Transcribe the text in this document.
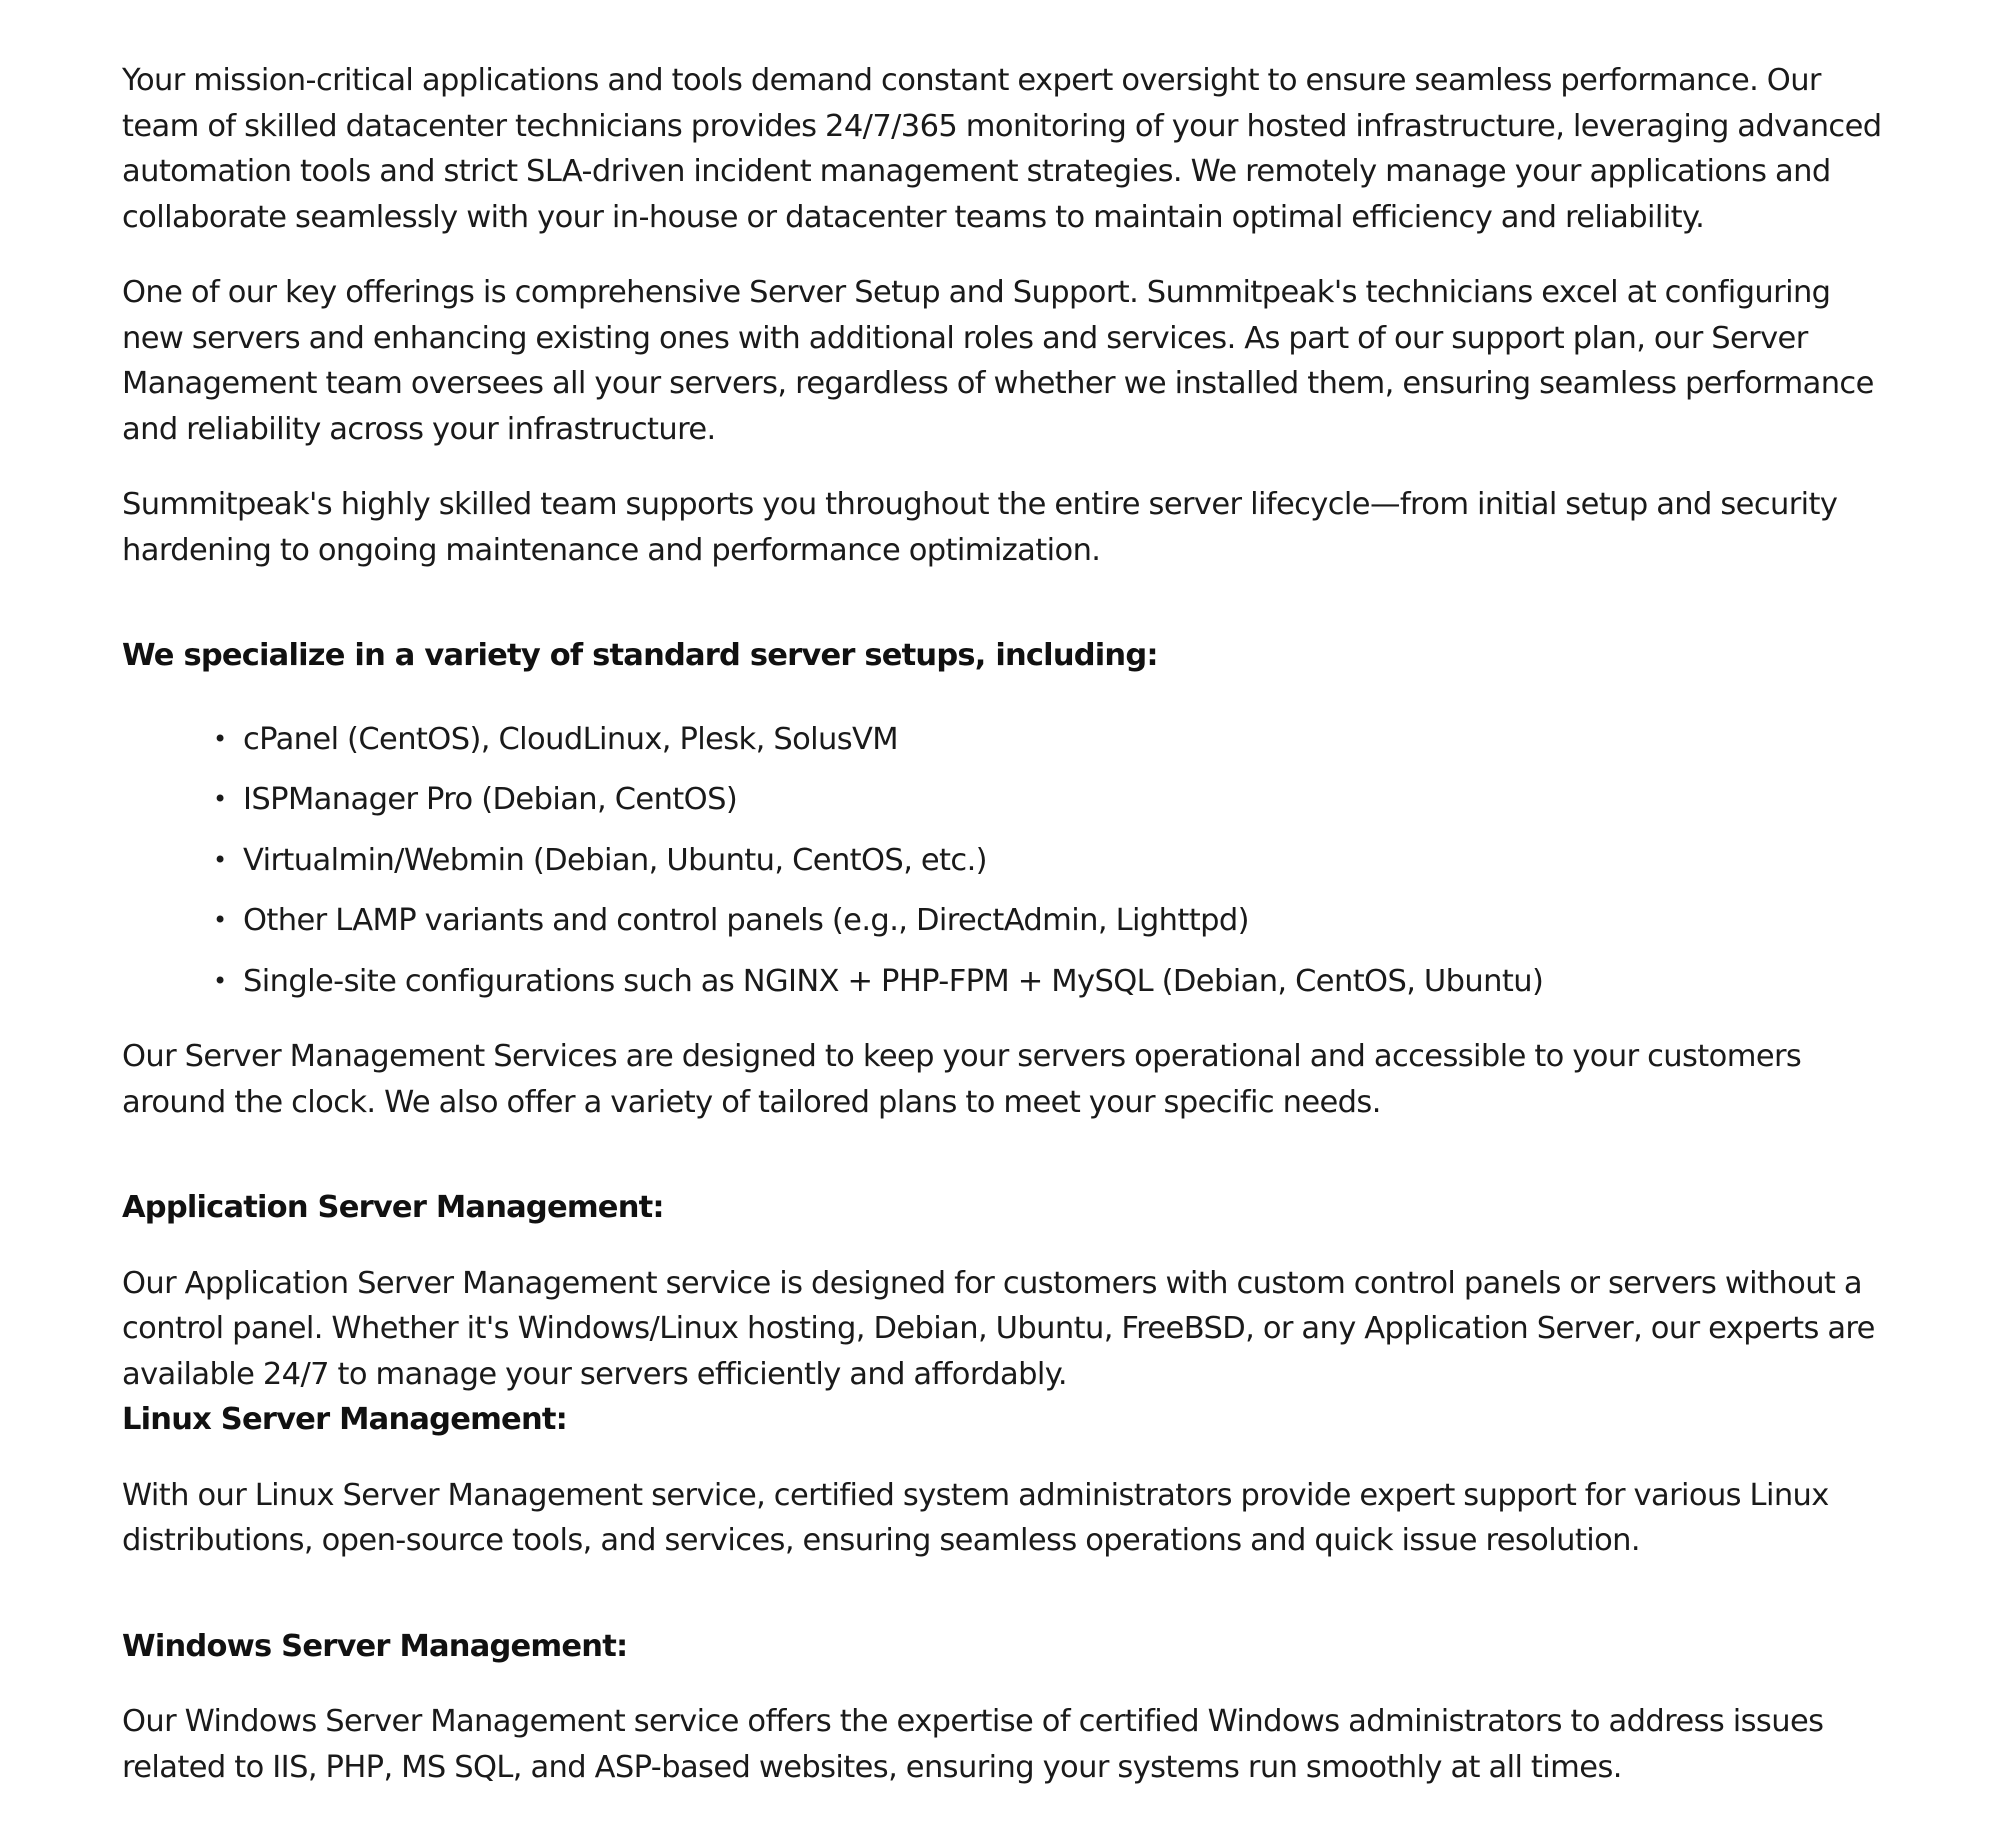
Your mission-critical applications and tools demand constant expert oversight to ensure seamless performance. Our team of skilled datacenter technicians provides 24/7/365 monitoring of your hosted infrastructure, leveraging advanced automation tools and strict SLA-driven incident management strategies. We remotely manage your applications and collaborate seamlessly with your in-house or datacenter teams to maintain optimal efficiency and reliability.

One of our key offerings is comprehensive Server Setup and Support. Summitpeak's technicians excel at configuring new servers and enhancing existing ones with additional roles and services. As part of our support plan, our Server Management team oversees all your servers, regardless of whether we installed them, ensuring seamless performance and reliability across your infrastructure.

Summitpeak's highly skilled team supports you throughout the entire server lifecycle—from initial setup and security hardening to ongoing maintenance and performance optimization.

We specialize in a variety of standard server setups, including:
• cPanel (CentOS), CloudLinux, Plesk, SolusVM
• ISPManager Pro (Debian, CentOS)
• Virtualmin/Webmin (Debian, Ubuntu, CentOS, etc.)
• Other LAMP variants and control panels (e.g., DirectAdmin, Lighttpd)
• Single-site configurations such as NGINX + PHP-FPM + MySQL (Debian, CentOS, Ubuntu)

Our Server Management Services are designed to keep your servers operational and accessible to your customers around the clock. We also offer a variety of tailored plans to meet your specific needs.

Application Server Management:

Our Application Server Management service is designed for customers with custom control panels or servers without a control panel. Whether it's Windows/Linux hosting, Debian, Ubuntu, FreeBSD, or any Application Server, our experts are available 24/7 to manage your servers efficiently and affordably.

Linux Server Management:

With our Linux Server Management service, certified system administrators provide expert support for various Linux distributions, open-source tools, and services, ensuring seamless operations and quick issue resolution.

Windows Server Management:

Our Windows Server Management service offers the expertise of certified Windows administrators to address issues related to IIS, PHP, MS SQL, and ASP-based websites, ensuring your systems run smoothly at all times.
